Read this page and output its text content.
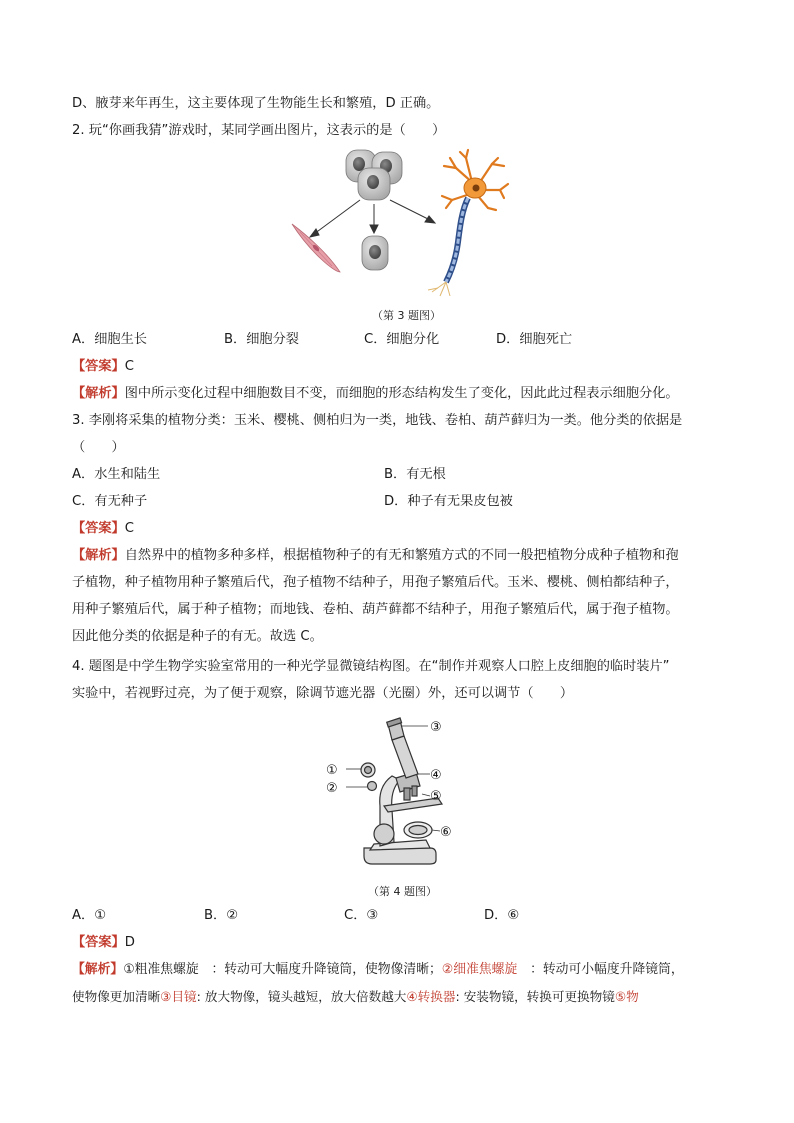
D、腋芽来年再生，这主要体现了生物能生长和繁殖，D 正确。
2. 玩“你画我猜”游戏时，某同学画出图片，这表示的是（　　）
（第 3 题图）
A．细胞生长	B．细胞分裂	C．细胞分化	D．细胞死亡
【答案】C
【解析】图中所示变化过程中细胞数目不变，而细胞的形态结构发生了变化，因此此过程表示细胞分化。
3. 李刚将采集的植物分类：玉米、樱桃、侧柏归为一类，地钱、卷柏、葫芦藓归为一类。他分类的依据是
（　　）
A．水生和陆生	B．有无根
C．有无种子	D．种子有无果皮包被
【答案】C
【解析】自然界中的植物多种多样，根据植物种子的有无和繁殖方式的不同一般把植物分成种子植物和孢
子植物，种子植物用种子繁殖后代，孢子植物不结种子，用孢子繁殖后代。玉米、樱桃、侧柏都结种子，
用种子繁殖后代，属于种子植物；而地钱、卷柏、葫芦藓都不结种子，用孢子繁殖后代，属于孢子植物。
因此他分类的依据是种子的有无。故选 C。
4. 题图是中学生物学实验室常用的一种光学显微镜结构图。在“制作并观察人口腔上皮细胞的临时装片”
实验中，若视野过亮，为了便于观察，除调节遮光器（光圈）外，还可以调节（　　）
①
②
③
④
⑤
⑥
（第 4 题图）
A．①	B．②	C．③	D．⑥
【答案】D
【解析】①粗准焦螺旋　：转动可大幅度升降镜筒，使物像清晰；②细准焦螺旋　：转动可小幅度升降镜筒，
使物像更加清晰③目镜: 放大物像，镜头越短，放大倍数越大④转换器: 安装物镜，转换可更换物镜⑤物
